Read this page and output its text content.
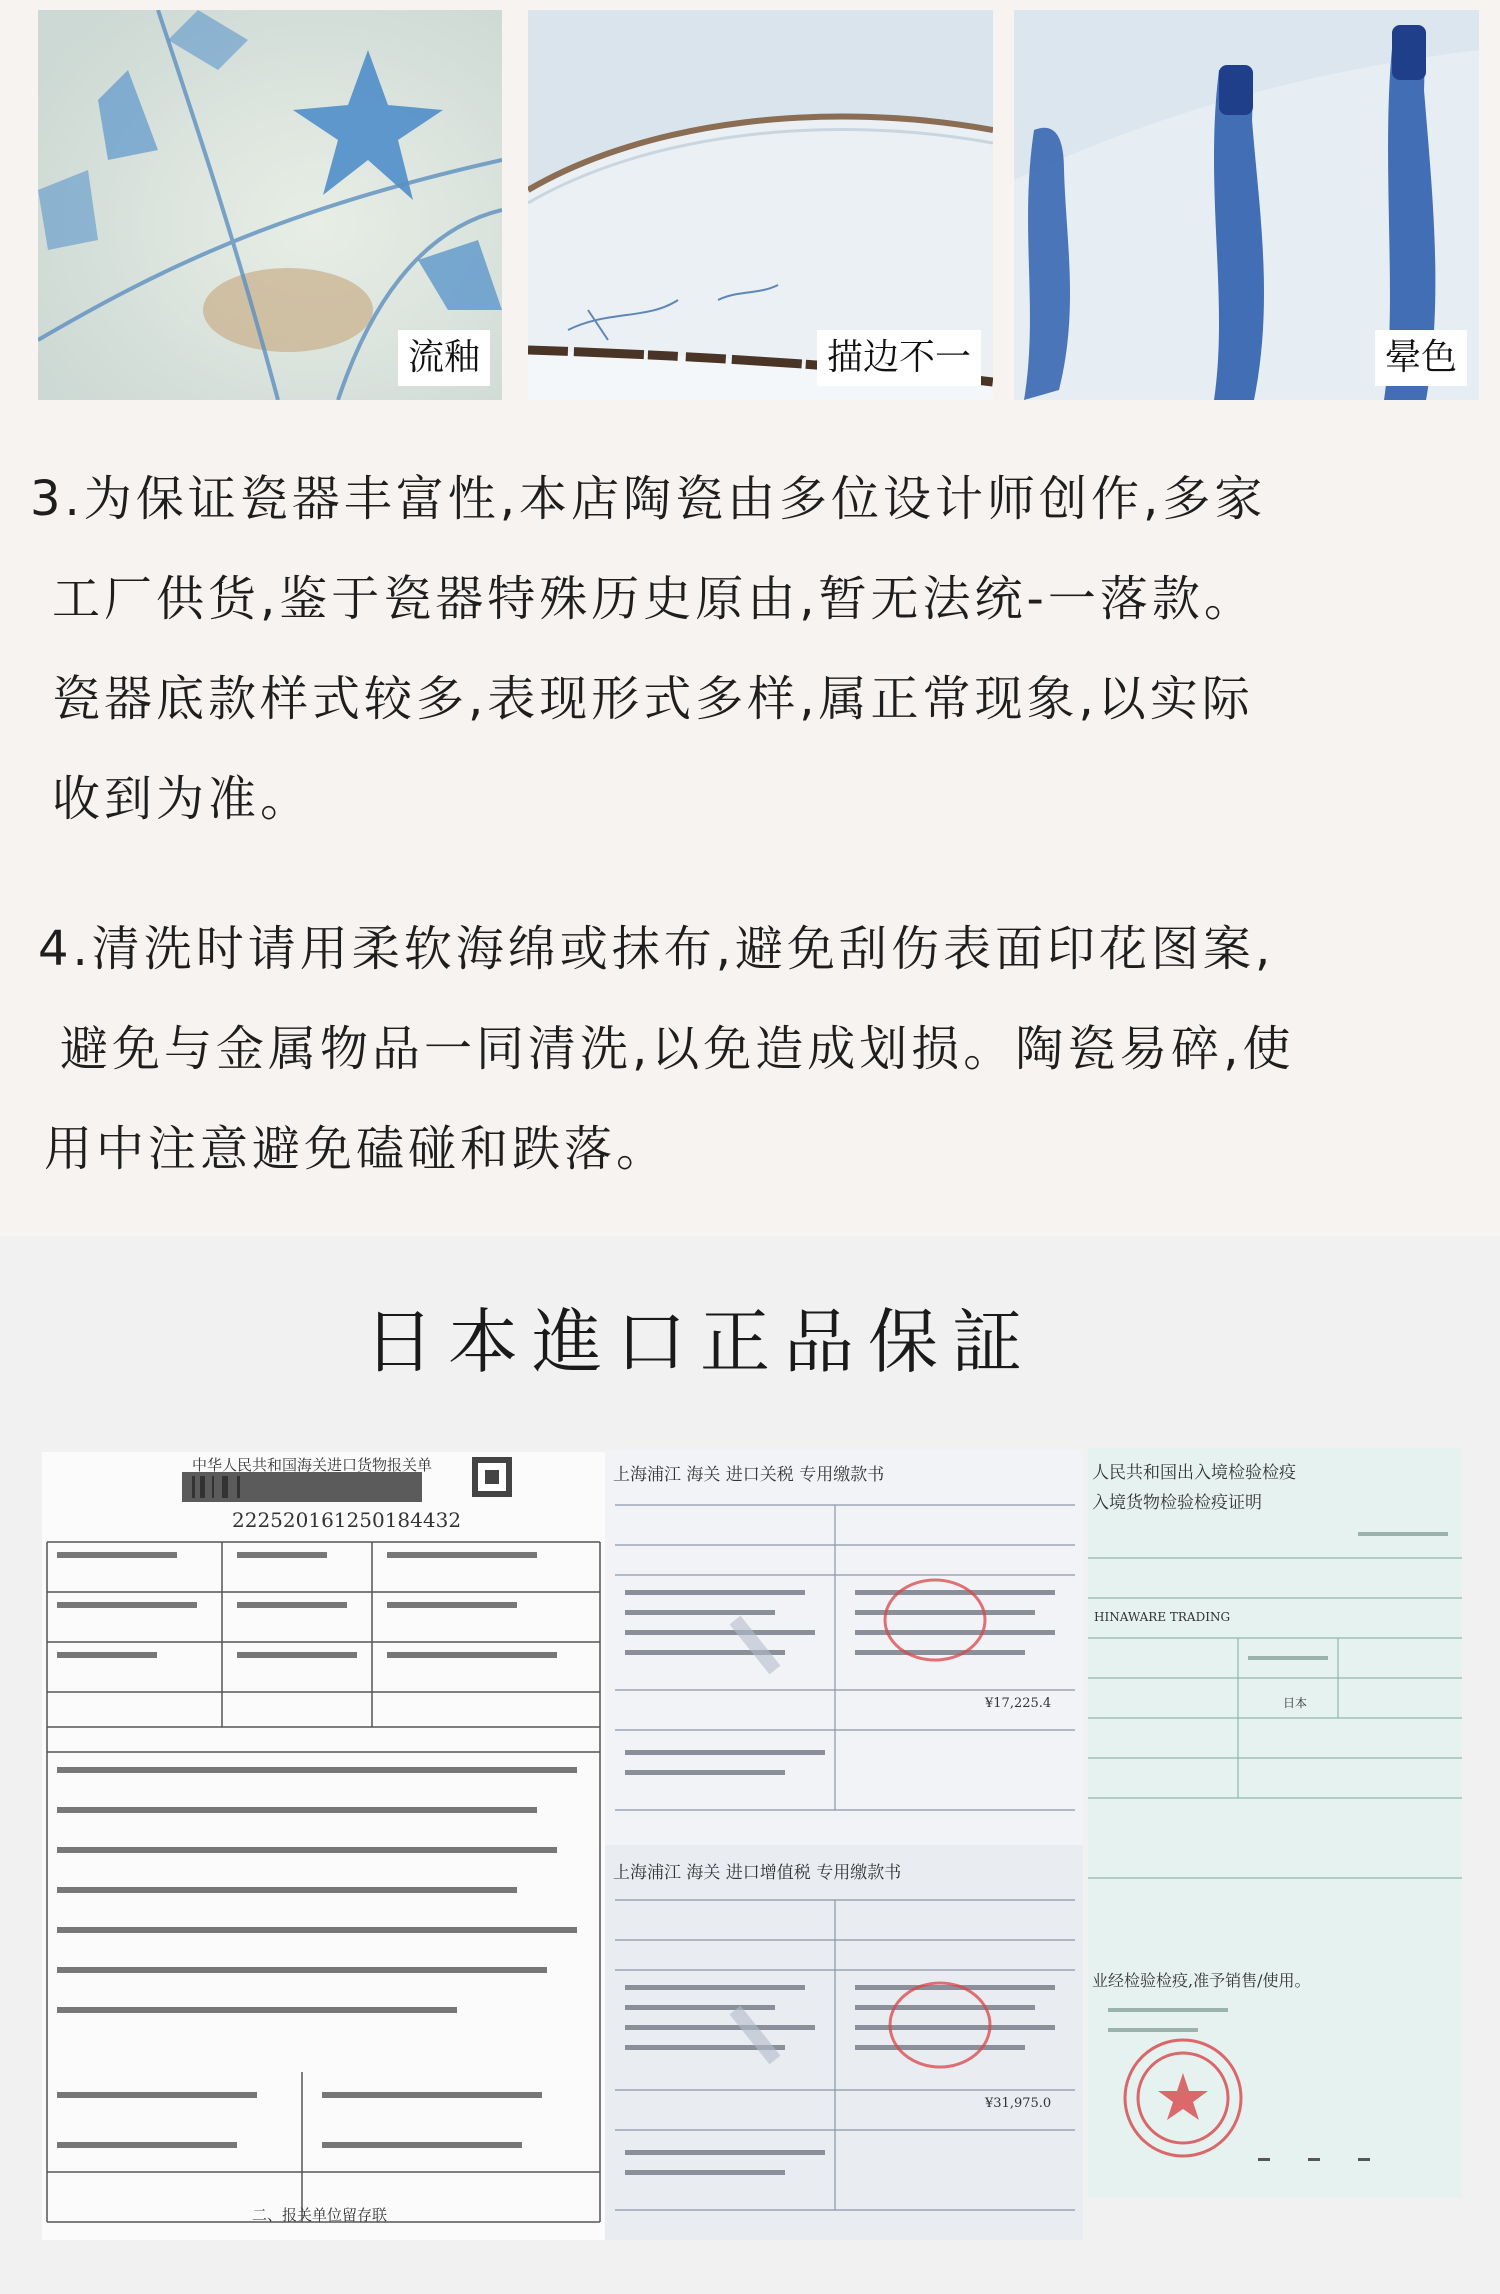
流釉	描边不一	晕色
3.为保证瓷器丰富性,本店陶瓷由多位设计师创作,多家
工厂供货,鉴于瓷器特殊历史原由,暂无法统-一落款。
瓷器底款样式较多,表现形式多样,属正常现象,以实际
收到为准。
4.清洗时请用柔软海绵或抹布,避免刮伤表面印花图案,
避免与金属物品一同清洗,以免造成划损。陶瓷易碎,使
用中注意避免磕碰和跌落。
日本進口正品保証
中华人民共和国海关进口货物报关单
222520161250184432
二、报关单位留存联
上海浦江 海关 进口关税 专用缴款书
上海浦江 海关 进口增值税 专用缴款书
¥17,225.4
¥31,975.0
人民共和国出入境检验检疫
入境货物检验检疫证明
HINAWARE TRADING
日本
业经检验检疫,准予销售/使用。
